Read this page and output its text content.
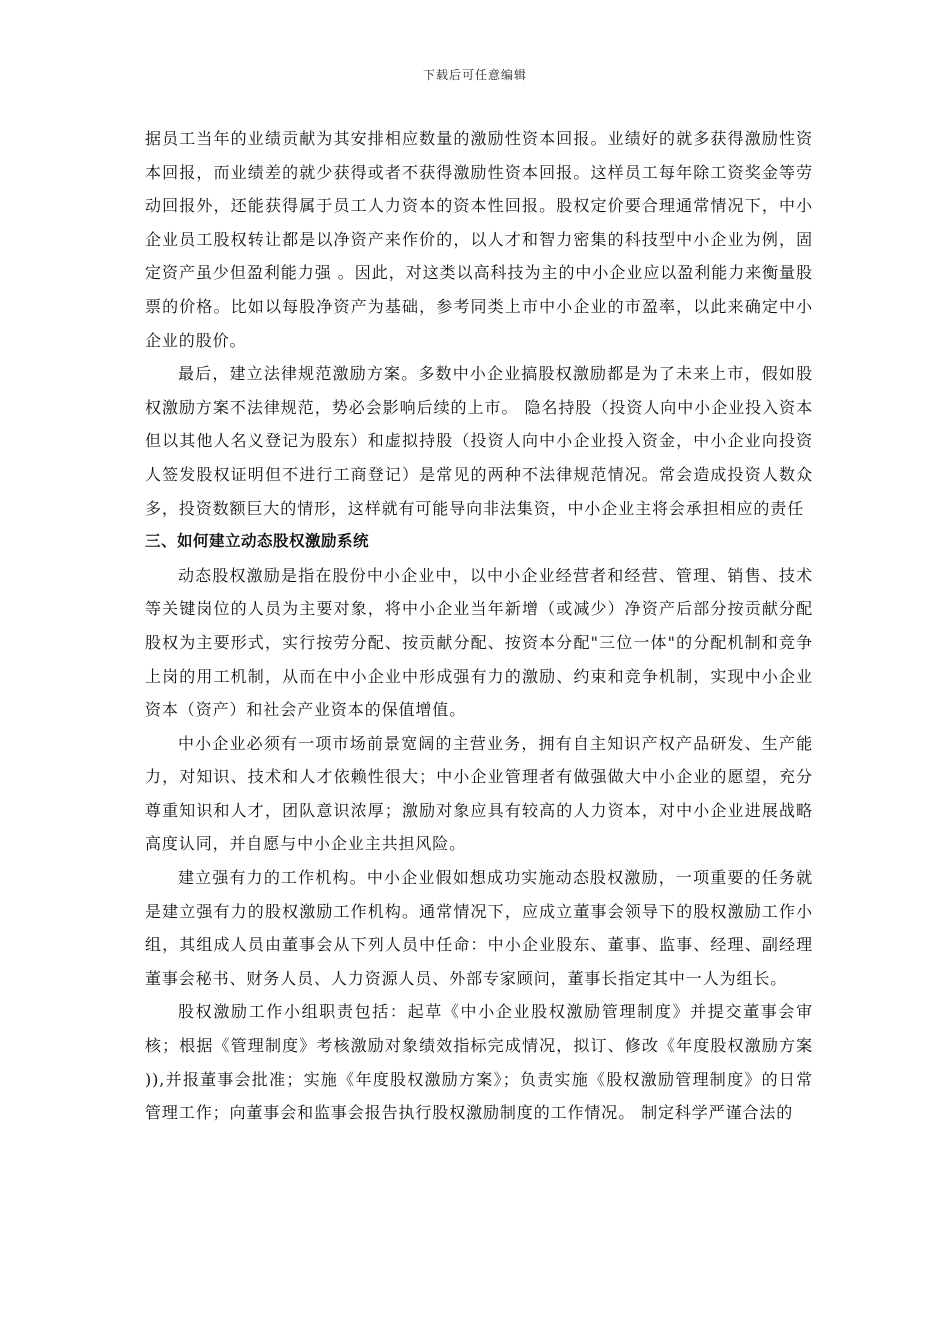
下载后可任意编辑

据员工当年的业绩贡献为其安排相应数量的激励性资本回报。业绩好的就多获得激励性资本回报，而业绩差的就少获得或者不获得激励性资本回报。这样员工每年除工资奖金等劳动回报外，还能获得属于员工人力资本的资本性回报。股权定价要合理通常情况下，中小企业员工股权转让都是以净资产来作价的，以人才和智力密集的科技型中小企业为例，固定资产虽少但盈利能力强 。因此，对这类以高科技为主的中小企业应以盈利能力来衡量股票的价格。比如以每股净资产为基础，参考同类上市中小企业的市盈率，以此来确定中小企业的股价。

最后，建立法律规范激励方案。多数中小企业搞股权激励都是为了未来上市，假如股权激励方案不法律规范，势必会影响后续的上市。 隐名持股（投资人向中小企业投入资本但以其他人名义登记为股东）和虚拟持股（投资人向中小企业投入资金，中小企业向投资人签发股权证明但不进行工商登记）是常见的两种不法律规范情况。常会造成投资人数众多，投资数额巨大的情形，这样就有可能导向非法集资，中小企业主将会承担相应的责任

三、如何建立动态股权激励系统

动态股权激励是指在股份中小企业中，以中小企业经营者和经营、管理、销售、技术等关键岗位的人员为主要对象，将中小企业当年新增（或减少）净资产后部分按贡献分配股权为主要形式，实行按劳分配、按贡献分配、按资本分配"三位一体"的分配机制和竞争上岗的用工机制，从而在中小企业中形成强有力的激励、约束和竞争机制，实现中小企业资本（资产）和社会产业资本的保值增值。

中小企业必须有一项市场前景宽阔的主营业务，拥有自主知识产权产品研发、生产能力，对知识、技术和人才依赖性很大；中小企业管理者有做强做大中小企业的愿望，充分尊重知识和人才，团队意识浓厚；激励对象应具有较高的人力资本，对中小企业进展战略高度认同，并自愿与中小企业主共担风险。

建立强有力的工作机构。中小企业假如想成功实施动态股权激励，一项重要的任务就是建立强有力的股权激励工作机构。通常情况下，应成立董事会领导下的股权激励工作小组，其组成人员由董事会从下列人员中任命：中小企业股东、董事、监事、经理、副经理董事会秘书、财务人员、人力资源人员、外部专家顾问，董事长指定其中一人为组长。

股权激励工作小组职责包括：起草《中小企业股权激励管理制度》并提交董事会审核；根据《管理制度》考核激励对象绩效指标完成情况，拟订、修改《年度股权激励方案 )),并报董事会批准；实施《年度股权激励方案》；负责实施《股权激励管理制度》的日常管理工作；向董事会和监事会报告执行股权激励制度的工作情况。 制定科学严谨合法的
